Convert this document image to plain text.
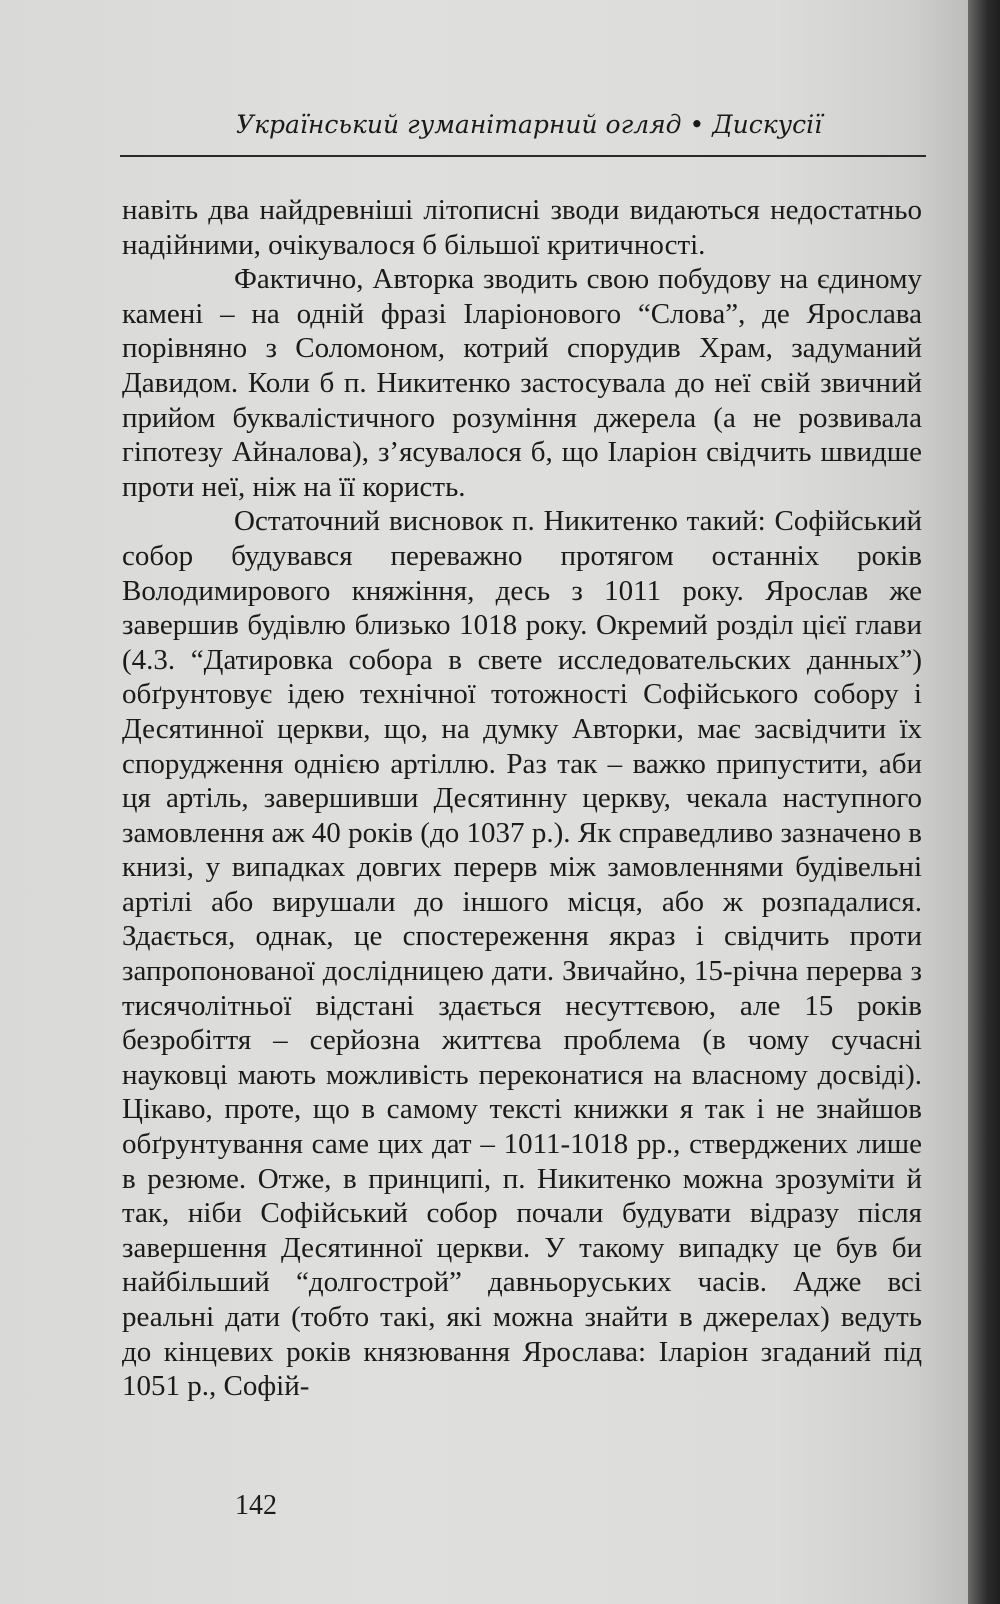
Український гуманітарний огляд • Дискусії

навіть два найдревніші літописні зводи видаються недостатньо надійними, очікувалося б більшої критичності.

Фактично, Авторка зводить свою побудову на єдиному камені – на одній фразі Іларіонового “Слова”, де Ярослава порівняно з Соломоном, котрий спорудив Храм, задуманий Давидом. Коли б п. Никитенко застосувала до неї свій звичний прийом буквалістичного розуміння джерела (а не розвивала гіпотезу Айналова), з’ясувалося б, що Іларіон свідчить швидше проти неї, ніж на її користь.

Остаточний висновок п. Никитенко такий: Софійський собор будувався переважно протягом останніх років Володимирового княжіння, десь з 1011 року. Ярослав же завершив будівлю близько 1018 року. Окремий розділ цієї глави (4.3. “Датировка собора в свете исследовательских данных”) обґрунтовує ідею технічної тотожності Софійського собору і Десятинної церкви, що, на думку Авторки, має засвідчити їх спорудження однією артіллю. Раз так – важко припустити, аби ця артіль, завершивши Десятинну церкву, чекала наступного замовлення аж 40 років (до 1037 р.). Як справедливо зазначено в книзі, у випадках довгих перерв між замовленнями будівельні артілі або вирушали до іншого місця, або ж розпадалися. Здається, однак, це спостереження якраз і свідчить проти запропонованої дослідницею дати. Звичайно, 15-річна перерва з тисячолітньої відстані здається несуттєвою, але 15 років безробіття – серйозна життєва проблема (в чому сучасні науковці мають можливість переконатися на власному досвіді). Цікаво, проте, що в самому тексті книжки я так і не знайшов обґрунтування саме цих дат – 1011-1018 рр., стверджених лише в резюме. Отже, в принципі, п. Никитенко можна зрозуміти й так, ніби Софійський собор почали будувати відразу після завершення Десятинної церкви. У такому випадку це був би найбільший “долгострой” давньоруських часів. Адже всі реальні дати (тобто такі, які можна знайти в джерелах) ведуть до кінцевих років князювання Ярослава: Іларіон згаданий під 1051 р., Софій-

142
